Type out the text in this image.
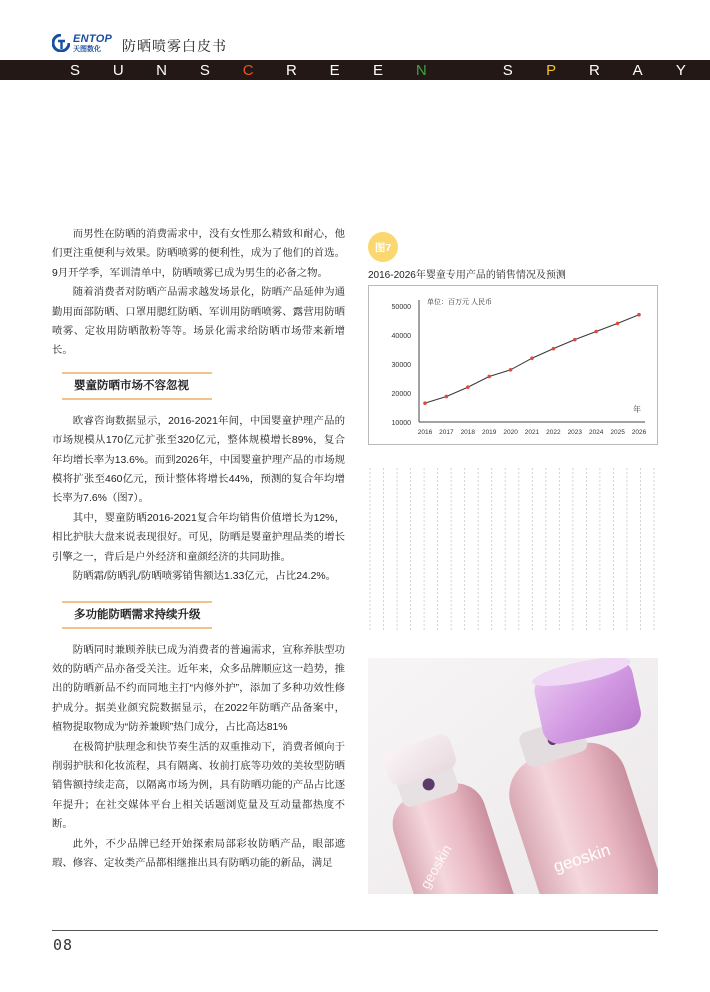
ENTOP
天图数化	防晒喷雾白皮书
S U N S C R E E N	S P R A Y

而男性在防晒的消费需求中，没有女性那么精致和耐心，他们更注重便利与效果。防晒喷雾的便利性，成为了他们的首选。9月开学季，军训清单中，防晒喷雾已成为男生的必备之物。

随着消费者对防晒产品需求越发场景化，防晒产品延伸为通勤用面部防晒、口罩用腮红防晒、军训用防晒喷雾、露营用防晒喷雾、定妆用防晒散粉等等。场景化需求给防晒市场带来新增长。

婴童防晒市场不容忽视

欧睿咨询数据显示，2016-2021年间，中国婴童护理产品的市场规模从170亿元扩张至320亿元，整体规模增长89%，复合年均增长率为13.6%。而到2026年，中国婴童护理产品的市场规模将扩张至460亿元，预计整体将增长44%，预测的复合年均增长率为7.6%（图7）。

其中，婴童防晒2016-2021复合年均销售价值增长为12%，相比护肤大盘来说表现很好。可见，防晒是婴童护理品类的增长引擎之一，背后是户外经济和童颜经济的共同助推。

防晒霜/防晒乳/防晒喷雾销售额达1.33亿元，占比24.2%。

多功能防晒需求持续升级

防晒同时兼顾养肤已成为消费者的普遍需求，宣称养肤型功效的防晒产品亦备受关注。近年来，众多品牌顺应这一趋势，推出的防晒新品不约而同地主打“内修外护”，添加了多种功效性修护成分。据美业颜究院数据显示，在2022年防晒产品备案中，植物提取物成为“防养兼顾”热门成分，占比高达81%

在极简护肤理念和快节奏生活的双重推动下，消费者倾向于削弱护肤和化妆流程，具有隔离、妆前打底等功效的美妆型防晒销售额持续走高，以隔离市场为例，具有防晒功能的产品占比逐年提升；在社交媒体平台上相关话题浏览量及互动量都热度不断。

此外，不少品牌已经开始探索局部彩妆防晒产品，眼部遮瑕、修容、定妆类产品都相继推出具有防晒功能的新品，满足

图7
2016-2026年婴童专用产品的销售情况及预测
50000
40000
30000
20000
10000
2016 2017 2018 2019 2020 2021 2022 2023 2024 2025 2026
单位：百万元 人民币
年
geoskin
geoskin
08
